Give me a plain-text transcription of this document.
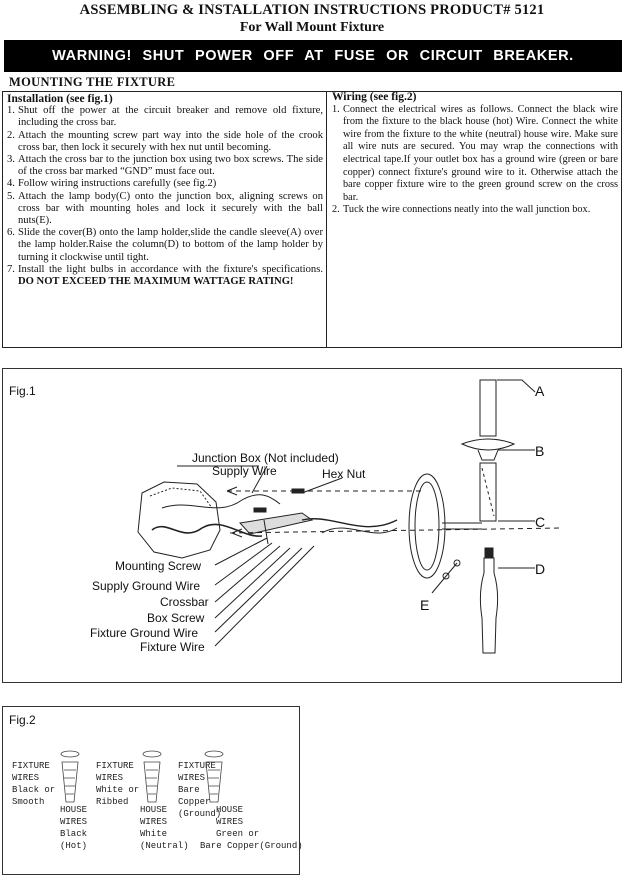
ASSEMBLING & INSTALLATION INSTRUCTIONS PRODUCT# 5121
For Wall Mount Fixture
WARNING! SHUT POWER OFF AT FUSE OR CIRCUIT BREAKER.
MOUNTING THE FIXTURE
Installation (see fig.1)
1. Shut off the power at the circuit breaker and remove old fixture, including the cross bar.
2. Attach the mounting screw part way into the side hole of the crook cross bar, then lock it securely with hex nut until becoming.
3. Attach the cross bar to the junction box using two box screws. The side of the cross bar marked “GND” must face out.
4. Follow wiring instructions carefully (see fig.2)
5. Attach the lamp body(C) onto the junction box, aligning screws on cross bar with mounting holes and lock it securely with the ball nuts(E).
6. Slide the cover(B) onto the lamp holder,slide the candle sleeve(A) over the lamp holder.Raise the column(D) to bottom of the lamp holder by turning it clockwise until tight.
7. Install the light bulbs in accordance with the fixture's specifications. DO NOT EXCEED THE MAXIMUM WATTAGE RATING!
Wiring (see fig.2)
1. Connect the electrical wires as follows. Connect the black wire from the fixture to the black house (hot) Wire. Connect the white wire from the fixture to the white (neutral) house wire. Make sure all wire nuts are secured. You may wrap the connections with electrical tape.If your outlet box has a ground wire (green or bare copper) connect fixture's ground wire to it. Otherwise attach the bare copper fixture wire to the green ground screw on the cross bar.
2. Tuck the wire connections neatly into the wall junction box.
Fig.1
Junction Box (Not included)
Supply Wire	Hex Nut
Mounting Screw
Supply Ground Wire
Crossbar
Box Screw
Fixture Ground Wire
Fixture Wire
A
B
C
D
E
Fig.2
FIXTURE
WIRES
Black or
Smooth
HOUSE
WIRES
Black
(Hot)
FIXTURE
WIRES
White or
Ribbed
HOUSE
WIRES
White
(Neutral)
FIXTURE
WIRES
Bare
Copper
(Ground)
HOUSE
WIRES
Green or
Bare Copper(Ground)
